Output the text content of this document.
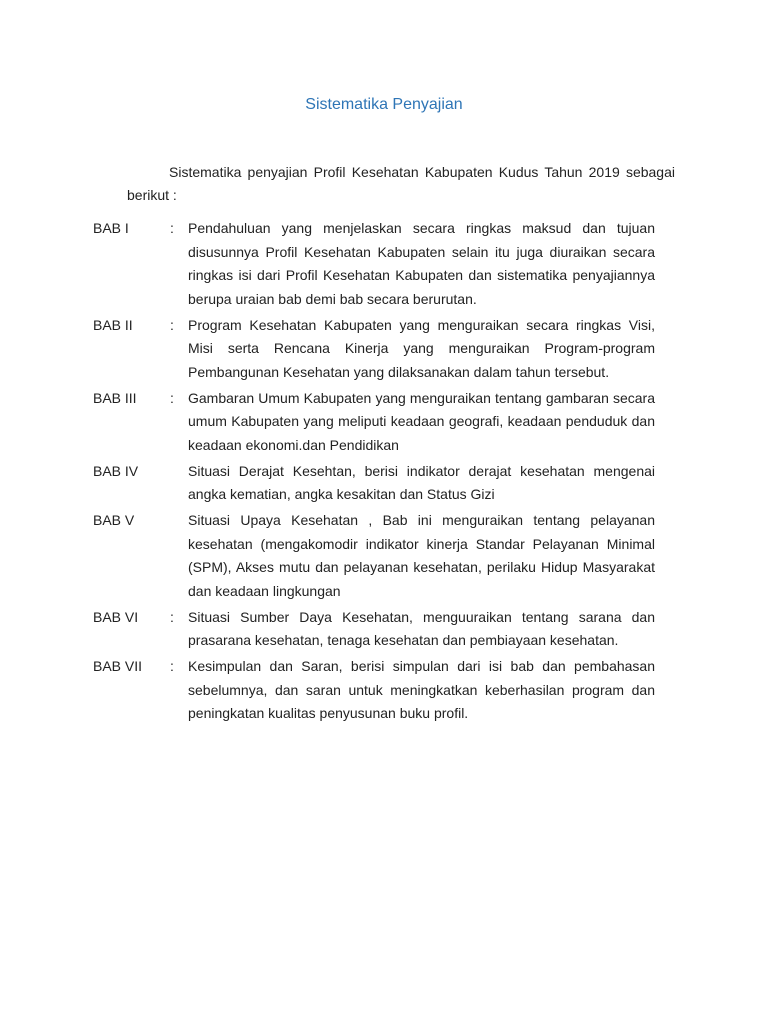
Sistematika Penyajian
Sistematika penyajian Profil Kesehatan Kabupaten Kudus Tahun 2019 sebagai berikut :
BAB I	:	Pendahuluan yang menjelaskan secara ringkas maksud dan tujuan disusunnya Profil Kesehatan Kabupaten selain itu juga diuraikan secara ringkas isi dari Profil Kesehatan Kabupaten dan sistematika penyajiannya berupa uraian bab demi bab secara berurutan.
BAB II	:	Program Kesehatan Kabupaten yang menguraikan secara ringkas Visi, Misi serta Rencana Kinerja yang menguraikan Program-program Pembangunan Kesehatan yang dilaksanakan dalam tahun tersebut.
BAB III	:	Gambaran Umum Kabupaten yang menguraikan tentang gambaran secara umum Kabupaten yang meliputi keadaan geografi, keadaan penduduk dan keadaan ekonomi.dan Pendidikan
BAB IV	Situasi Derajat Kesehtan, berisi indikator derajat kesehatan mengenai angka kematian, angka kesakitan dan Status Gizi
BAB V	Situasi Upaya Kesehatan , Bab ini menguraikan tentang pelayanan kesehatan (mengakomodir indikator kinerja Standar Pelayanan Minimal (SPM), Akses mutu dan pelayanan kesehatan, perilaku Hidup Masyarakat dan keadaan lingkungan
BAB VI	:	Situasi Sumber Daya Kesehatan, menguuraikan tentang sarana dan prasarana kesehatan, tenaga kesehatan dan pembiayaan kesehatan.
BAB VII	:	Kesimpulan dan Saran, berisi simpulan dari isi bab dan pembahasan sebelumnya, dan saran untuk meningkatkan keberhasilan program dan peningkatan kualitas penyusunan buku profil.
